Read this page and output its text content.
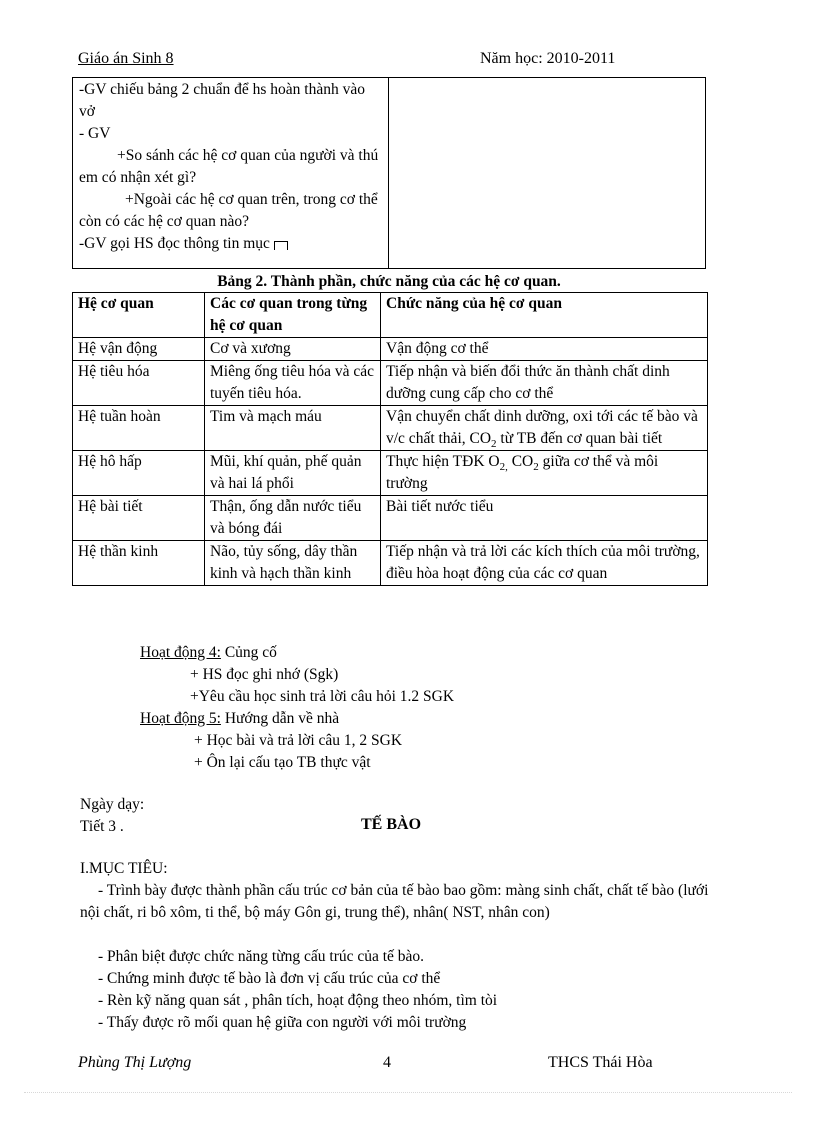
Giáo án Sinh 8	Năm học: 2010-2011

-GV chiếu bảng 2 chuẩn để hs hoàn thành vào vở

- GV

+So sánh các hệ cơ quan của người và thú em có nhận xét gì?

+Ngoài các hệ cơ quan trên, trong cơ thể còn có các hệ cơ quan nào?

-GV gọi HS đọc thông tin mục

Bảng 2. Thành phần, chức năng của các hệ cơ quan.
Hệ cơ quan	Các cơ quan trong từng hệ cơ quan	Chức năng của hệ cơ quan
Hệ vận động	Cơ và xương	Vận động cơ thể
Hệ tiêu hóa	Miêng ống tiêu hóa và các tuyến tiêu hóa.	Tiếp nhận và biến đổi thức ăn thành chất dinh dưỡng cung cấp cho cơ thể
Hệ tuần hoàn	Tim và mạch máu	Vận chuyển chất dinh dưỡng, oxi tới các tế bào và v/c chất thải, $CO_2$ từ TB đến cơ quan bài tiết
Hệ hô hấp	Mũi, khí quản, phế quản và hai lá phổi	Thực hiện TĐK $O_{2,}$ $CO_2$ giữa cơ thể và môi trường
Hệ bài tiết	Thận, ống dẫn nước tiểu và bóng đái	Bài tiết nước tiểu
Hệ thần kinh	Não, tủy sống, dây thần kinh và hạch thần kinh	Tiếp nhận và trả lời các kích thích của môi trường, điều hòa hoạt động của các cơ quan
Hoạt động 4: Củng cố
+ HS đọc ghi nhớ (Sgk)
+Yêu cầu học sinh trả lời câu hỏi 1.2 SGK
Hoạt động 5: Hướng dẫn về nhà
+ Học bài và trả lời câu 1, 2 SGK
+ Ôn lại cấu tạo TB thực vật
Ngày dạy:
Tiết 3 .	TẾ BÀO
I.MỤC TIÊU:
- Trình bày được thành phần cấu trúc cơ bản của tế bào bao gồm: màng sinh chất, chất tế bào (lưới nội chất, ri bô xôm, ti thể, bộ máy Gôn gi, trung thể), nhân( NST, nhân con)
- Phân biệt được chức năng từng cấu trúc của tế bào.
- Chứng minh được tế bào là đơn vị cấu trúc của cơ thể
- Rèn kỹ năng quan sát , phân tích, hoạt động theo nhóm, tìm tòi
- Thấy được rõ mối quan hệ giữa con người với môi trường
Phùng Thị Lượng	4	THCS Thái Hòa
